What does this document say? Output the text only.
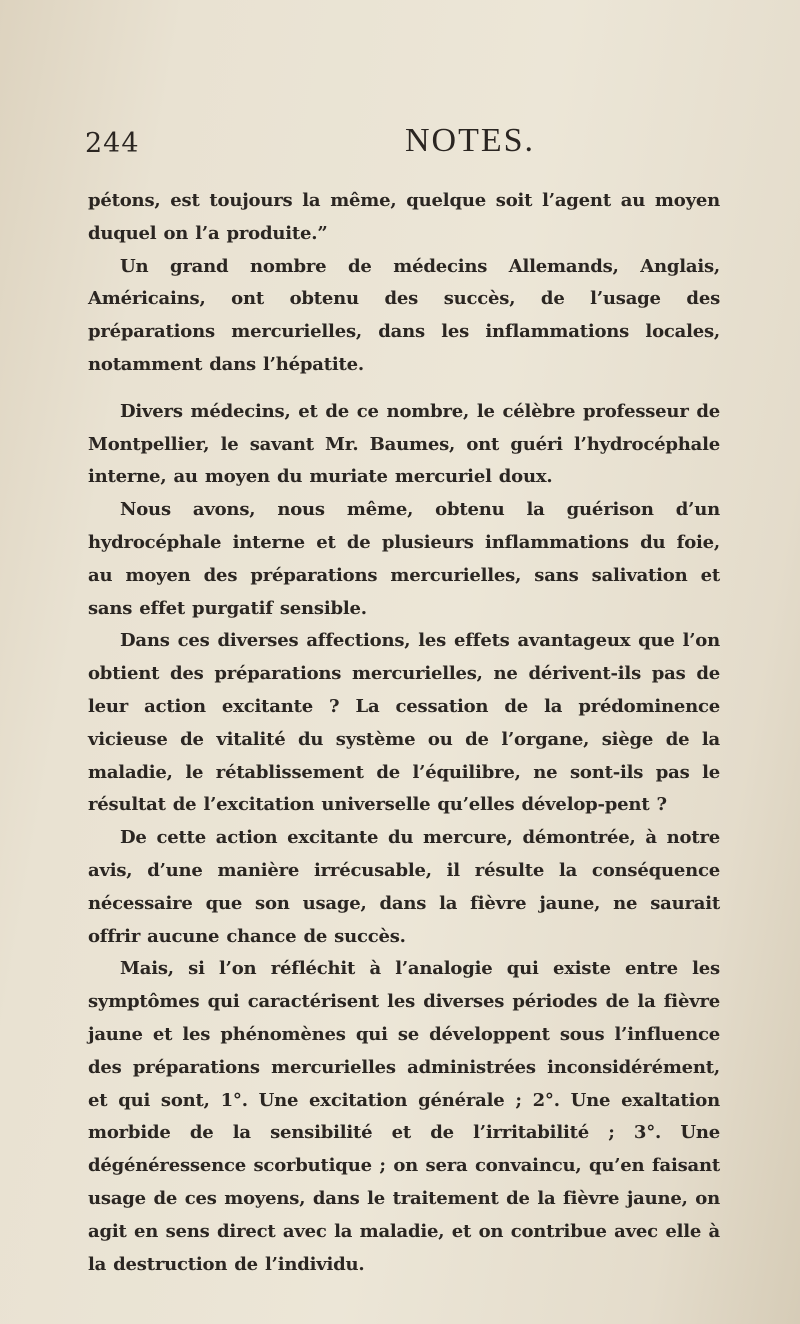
244	NOTES.

pétons, est toujours la même, quelque soit l’agent au moyen duquel on l’a produite.”

Un grand nombre de médecins Allemands, Anglais, Américains, ont obtenu des succès, de l’usage des préparations mercurielles, dans les inflammations locales, notamment dans l’hépatite.

Divers médecins, et de ce nombre, le célèbre professeur de Montpellier, le savant Mr. Baumes, ont guéri l’hydrocéphale interne, au moyen du muriate mercuriel doux.

Nous avons, nous même, obtenu la guérison d’un hydrocéphale interne et de plusieurs inflammations du foie, au moyen des préparations mercurielles, sans salivation et sans effet purgatif sensible.

Dans ces diverses affections, les effets avantageux que l’on obtient des préparations mercurielles, ne dérivent-ils pas de leur action excitante ? La cessation de la prédominence vicieuse de vitalité du système ou de l’organe, siège de la maladie, le rétablissement de l’équilibre, ne sont-ils pas le résultat de l’excitation universelle qu’elles dévelop-pent ?

De cette action excitante du mercure, démontrée, à notre avis, d’une manière irrécusable, il résulte la conséquence nécessaire que son usage, dans la fièvre jaune, ne saurait offrir aucune chance de succès.

Mais, si l’on réfléchit à l’analogie qui existe entre les symptômes qui caractérisent les diverses périodes de la fièvre jaune et les phénomènes qui se développent sous l’influence des préparations mercurielles administrées inconsidérément, et qui sont, 1°. Une excitation générale ; 2°. Une exaltation morbide de la sensibilité et de l’irritabilité ; 3°. Une dégénéressence scorbutique ; on sera convaincu, qu’en faisant usage de ces moyens, dans le traitement de la fièvre jaune, on agit en sens direct avec la maladie, et on contribue avec elle à la destruction de l’individu.
